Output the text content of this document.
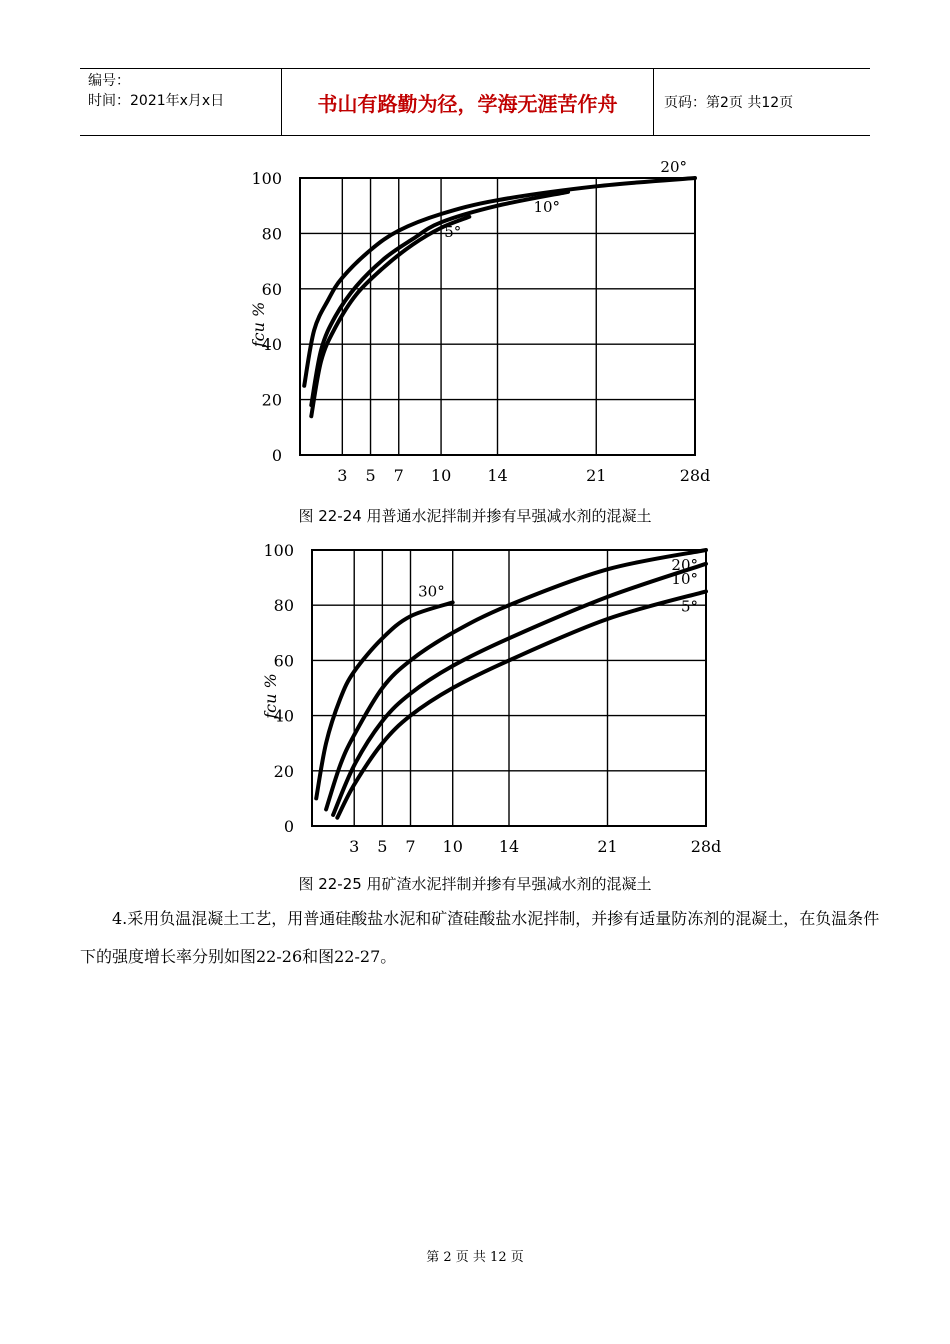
编号：
时间：2021年x月x日	书山有路勤为径，学海无涯苦作舟	页码：第2页 共12页
100
80
60
40
20
0
3 5 7 10 14	21	28d
fcu %
20°
10°
5°
图 22-24 用普通水泥拌制并掺有早强减水剂的混凝土
100
80
60
40
20
0
3 5 7 10 14	21	28d
fcu %
30°
20°
10°
5°
图 22-25 用矿渣水泥拌制并掺有早强减水剂的混凝土

4.采用负温混凝土工艺，用普通硅酸盐水泥和矿渣硅酸盐水泥拌制，并掺有适量防冻剂的混凝土，在负温条件下的强度增长率分别如图22-26和图22-27。

第 2 页 共 12 页
